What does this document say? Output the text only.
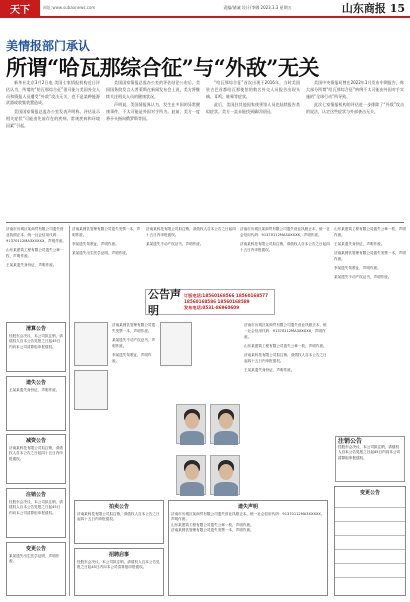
天下	网址:www.subaonews.com	责编/储诚 设计/李娜 2023.3.3 星期五	山东商报 15
美情报部门承认
所谓“哈瓦那综合征”与“外敌”无关

新华社北京3月2日电 美国七家情报机构近日评估认为，所谓的“哈瓦那综合征”很可能与美国外交人员和情报人员遭受“外敌”攻击无关，也不是某种能源武器或收集装置造成。

美国国家情报总监办公室发表声明称，评估显示相关症状“可能由先前存在的疾病、常规疾病和环境因素”引起。

美国国家情报总监办公室的评估结论公布后，美国国务院发言人普莱斯在新闻发布会上说，美方将继续关注相关人员的健康状况。

声明说，美国情报界认为，发生在多国的异常健康事件，不太可能是外国对手所为。此前，美方一度将矛头指向俄罗斯等国。

“哈瓦那综合征”首次出现于2016年，当时美国驻古巴首都哈瓦那使馆的数名外交人员报告出现头痛、耳鸣、眩晕等症状。

此后，美国驻其他国家使领馆人员也陆续报告类似症状。美方一直未能找到确切原因。

美国中央情报局曾在2022年1月发布中期报告，称大部分所谓“哈瓦那综合征”病例不太可能由外国对手实施的“全球行动”所导致。

此次七家情报机构的评估进一步排除了“外敌”攻击的说法，认定这些症状与外部袭击无关。

济南市历城区某商贸有限公司遗失营业执照正本，统一社会信用代码：91370112MA3XXXXX，声明作废。

山东某建筑工程有限公司遗失公章一枚，声明作废。

王某某遗失身份证，声明作废。

济南某餐饮管理有限公司遗失发票一本，声明作废。

李某遗失驾驶证，声明作废。

某某遗失出生医学证明，声明作废。

济南某科技有限公司拟注销，请债权人自本公告之日起四十五日内申报债权。

某某遗失不动产权证书，声明作废。

济南市历城区某商贸有限公司遗失营业执照正本，统一社会信用代码：91370112MA3XXXXX，声明作废。

济南某科技有限公司拟注销，请债权人自本公告之日起四十五日内申报债权。

山东某建筑工程有限公司遗失公章一枚，声明作废。

王某某遗失身份证，声明作废。

济南某餐饮管理有限公司遗失发票一本，声明作废。

李某遗失驾驶证，声明作废。

某某遗失不动产权证书，声明作废。

公告声明
订版电话:18560168566 18560168577
18560168586 18560168589
发布电话:0531-86960609
清算公告
经股东会决议，本公司拟注销，请债权人自本公告见报之日起45日内向本公司清算组申报债权。
遗失公告
王某某遗失身份证，声明作废。
减资公告
济南某科技有限公司拟注销，请债权人自本公告之日起四十五日内申报债权。
注销公告
经股东会决议，本公司拟注销，请债权人自本公告见报之日起45日内向本公司清算组申报债权。
变更公告
某某遗失出生医学证明，声明作废。

济南某餐饮管理有限公司遗失发票一本，声明作废。

某某遗失不动产权证书，声明作废。

李某遗失驾驶证，声明作废。

济南市历城区某商贸有限公司遗失营业执照正本，统一社会信用代码：91370112MA3XXXXX，声明作废。

山东某建筑工程有限公司遗失公章一枚，声明作废。

济南某科技有限公司拟注销，请债权人自本公告之日起四十五日内申报债权。

王某某遗失身份证，声明作废。

注销公告
经股东会决议，本公司拟注销，请债权人自本公告见报之日起45日内向本公司清算组申报债权。
拍卖公告
济南某科技有限公司拟注销，请债权人自本公告之日起四十五日内申报债权。
招聘启事
经股东会决议，本公司拟注销，请债权人自本公告见报之日起45日内向本公司清算组申报债权。
遗失声明
济南市历城区某商贸有限公司遗失营业执照正本，统一社会信用代码：91370112MA3XXXXX，声明作废。
山东某建筑工程有限公司遗失公章一枚，声明作废。
济南某餐饮管理有限公司遗失发票一本，声明作废。
变更公告
